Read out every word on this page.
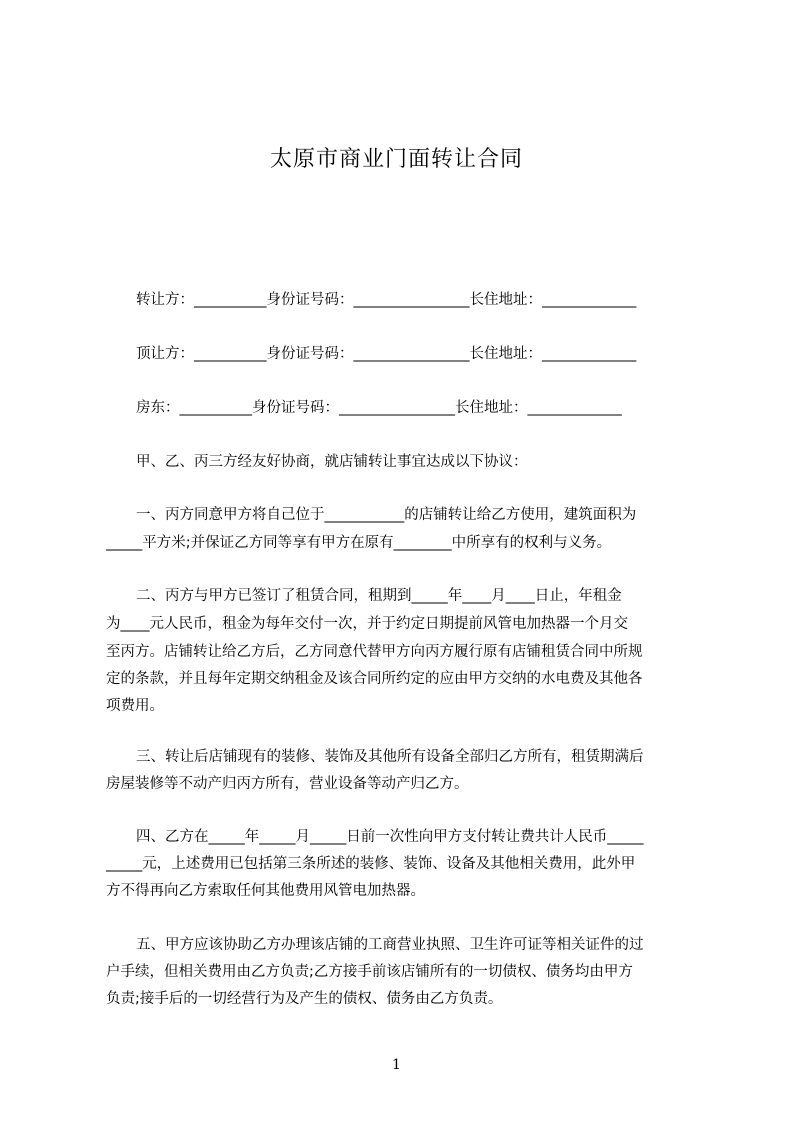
太原市商业门面转让合同
转让方：__________身份证号码：________________长住地址：_____________
顶让方：__________身份证号码：________________长住地址：_____________
房东：__________身份证号码：________________长住地址：_____________
甲、乙、丙三方经友好协商，就店铺转让事宜达成以下协议：
一、丙方同意甲方将自己位于___________的店铺转让给乙方使用，建筑面积为
_____平方米;并保证乙方同等享有甲方在原有________中所享有的权利与义务。
二、丙方与甲方已签订了租赁合同，租期到_____年____月____日止，年租金
为____元人民币，租金为每年交付一次，并于约定日期提前风管电加热器一个月交
至丙方。店铺转让给乙方后，乙方同意代替甲方向丙方履行原有店铺租赁合同中所规
定的条款，并且每年定期交纳租金及该合同所约定的应由甲方交纳的水电费及其他各
项费用。
三、转让后店铺现有的装修、装饰及其他所有设备全部归乙方所有，租赁期满后
房屋装修等不动产归丙方所有，营业设备等动产归乙方。
四、乙方在_____年_____月_____日前一次性向甲方支付转让费共计人民币_____
_____元，上述费用已包括第三条所述的装修、装饰、设备及其他相关费用，此外甲
方不得再向乙方索取任何其他费用风管电加热器。
五、甲方应该协助乙方办理该店铺的工商营业执照、卫生许可证等相关证件的过
户手续，但相关费用由乙方负责;乙方接手前该店铺所有的一切债权、债务均由甲方
负责;接手后的一切经营行为及产生的债权、债务由乙方负责。
1
